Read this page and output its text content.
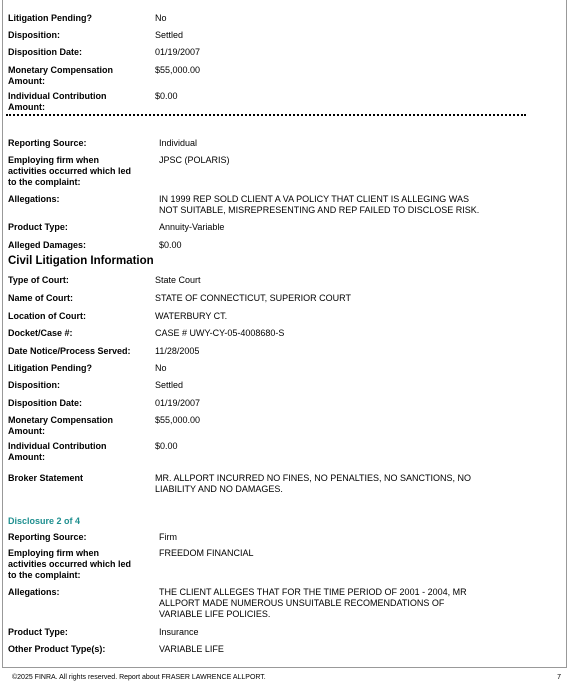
Litigation Pending?	No
Disposition:	Settled
Disposition Date:	01/19/2007
Monetary Compensation
Amount:
$55,000.00
Individual Contribution
Amount:
$0.00
Reporting Source:	Individual
Employing firm when
activities occurred which led
to the complaint:
JPSC (POLARIS)
Allegations:	IN 1999 REP SOLD CLIENT A VA POLICY THAT CLIENT IS ALLEGING WAS
NOT SUITABLE, MISREPRESENTING AND REP FAILED TO DISCLOSE RISK.
Product Type:	Annuity-Variable
Alleged Damages:	$0.00
Civil Litigation Information
Type of Court:	State Court
Name of Court:	STATE OF CONNECTICUT, SUPERIOR COURT
Location of Court:	WATERBURY CT.
Docket/Case #:	CASE # UWY-CY-05-4008680-S
Date Notice/Process Served:	11/28/2005
Litigation Pending?	No
Disposition:	Settled
Disposition Date:	01/19/2007
Monetary Compensation
Amount:
$55,000.00
Individual Contribution
Amount:
$0.00
Broker Statement	MR. ALLPORT INCURRED NO FINES, NO PENALTIES, NO SANCTIONS, NO
LIABILITY AND NO DAMAGES.
Disclosure 2 of 4
Reporting Source:	Firm
Employing firm when
activities occurred which led
to the complaint:
FREEDOM FINANCIAL
Allegations:	THE CLIENT ALLEGES THAT FOR THE TIME PERIOD OF 2001 - 2004, MR
ALLPORT MADE NUMEROUS UNSUITABLE RECOMENDATIONS OF
VARIABLE LIFE POLICIES.
Product Type:	Insurance
Other Product Type(s):	VARIABLE LIFE
©2025 FINRA. All rights reserved. Report about FRASER LAWRENCE ALLPORT.	7
